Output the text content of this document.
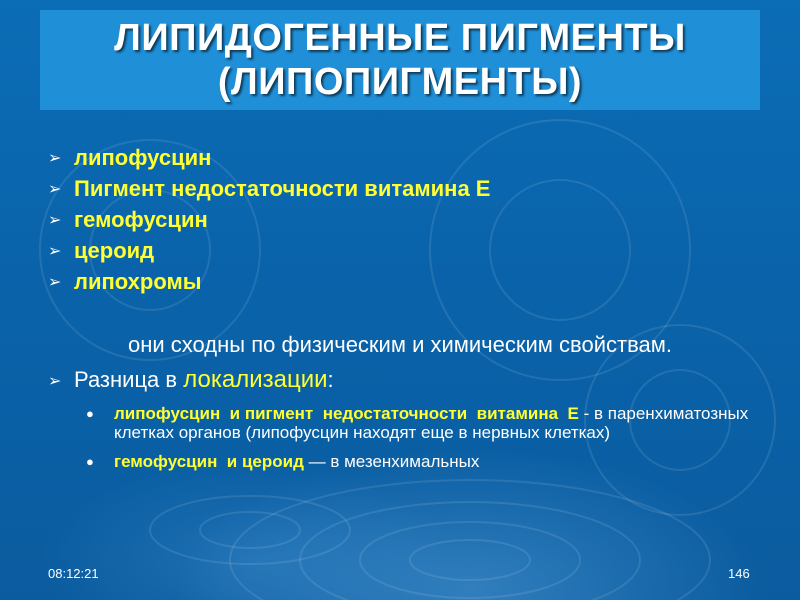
ЛИПИДОГЕННЫЕ ПИГМЕНТЫ
(ЛИПОПИГМЕНТЫ)
➢ липофусцин
➢ Пигмент недостаточности витамина Е
➢ гемофусцин
➢ цероид
➢ липохромы
они сходны по физическим и химическим свойствам.
➢ Разница в локализации :
●	липофусцин  и пигмент  недостаточности  витамина  Е - в паренхиматозных  клетках органов (липофусцин находят еще в нервных клетках)
●	гемофусцин  и цероид — в мезенхимальных
08:12:21	146
